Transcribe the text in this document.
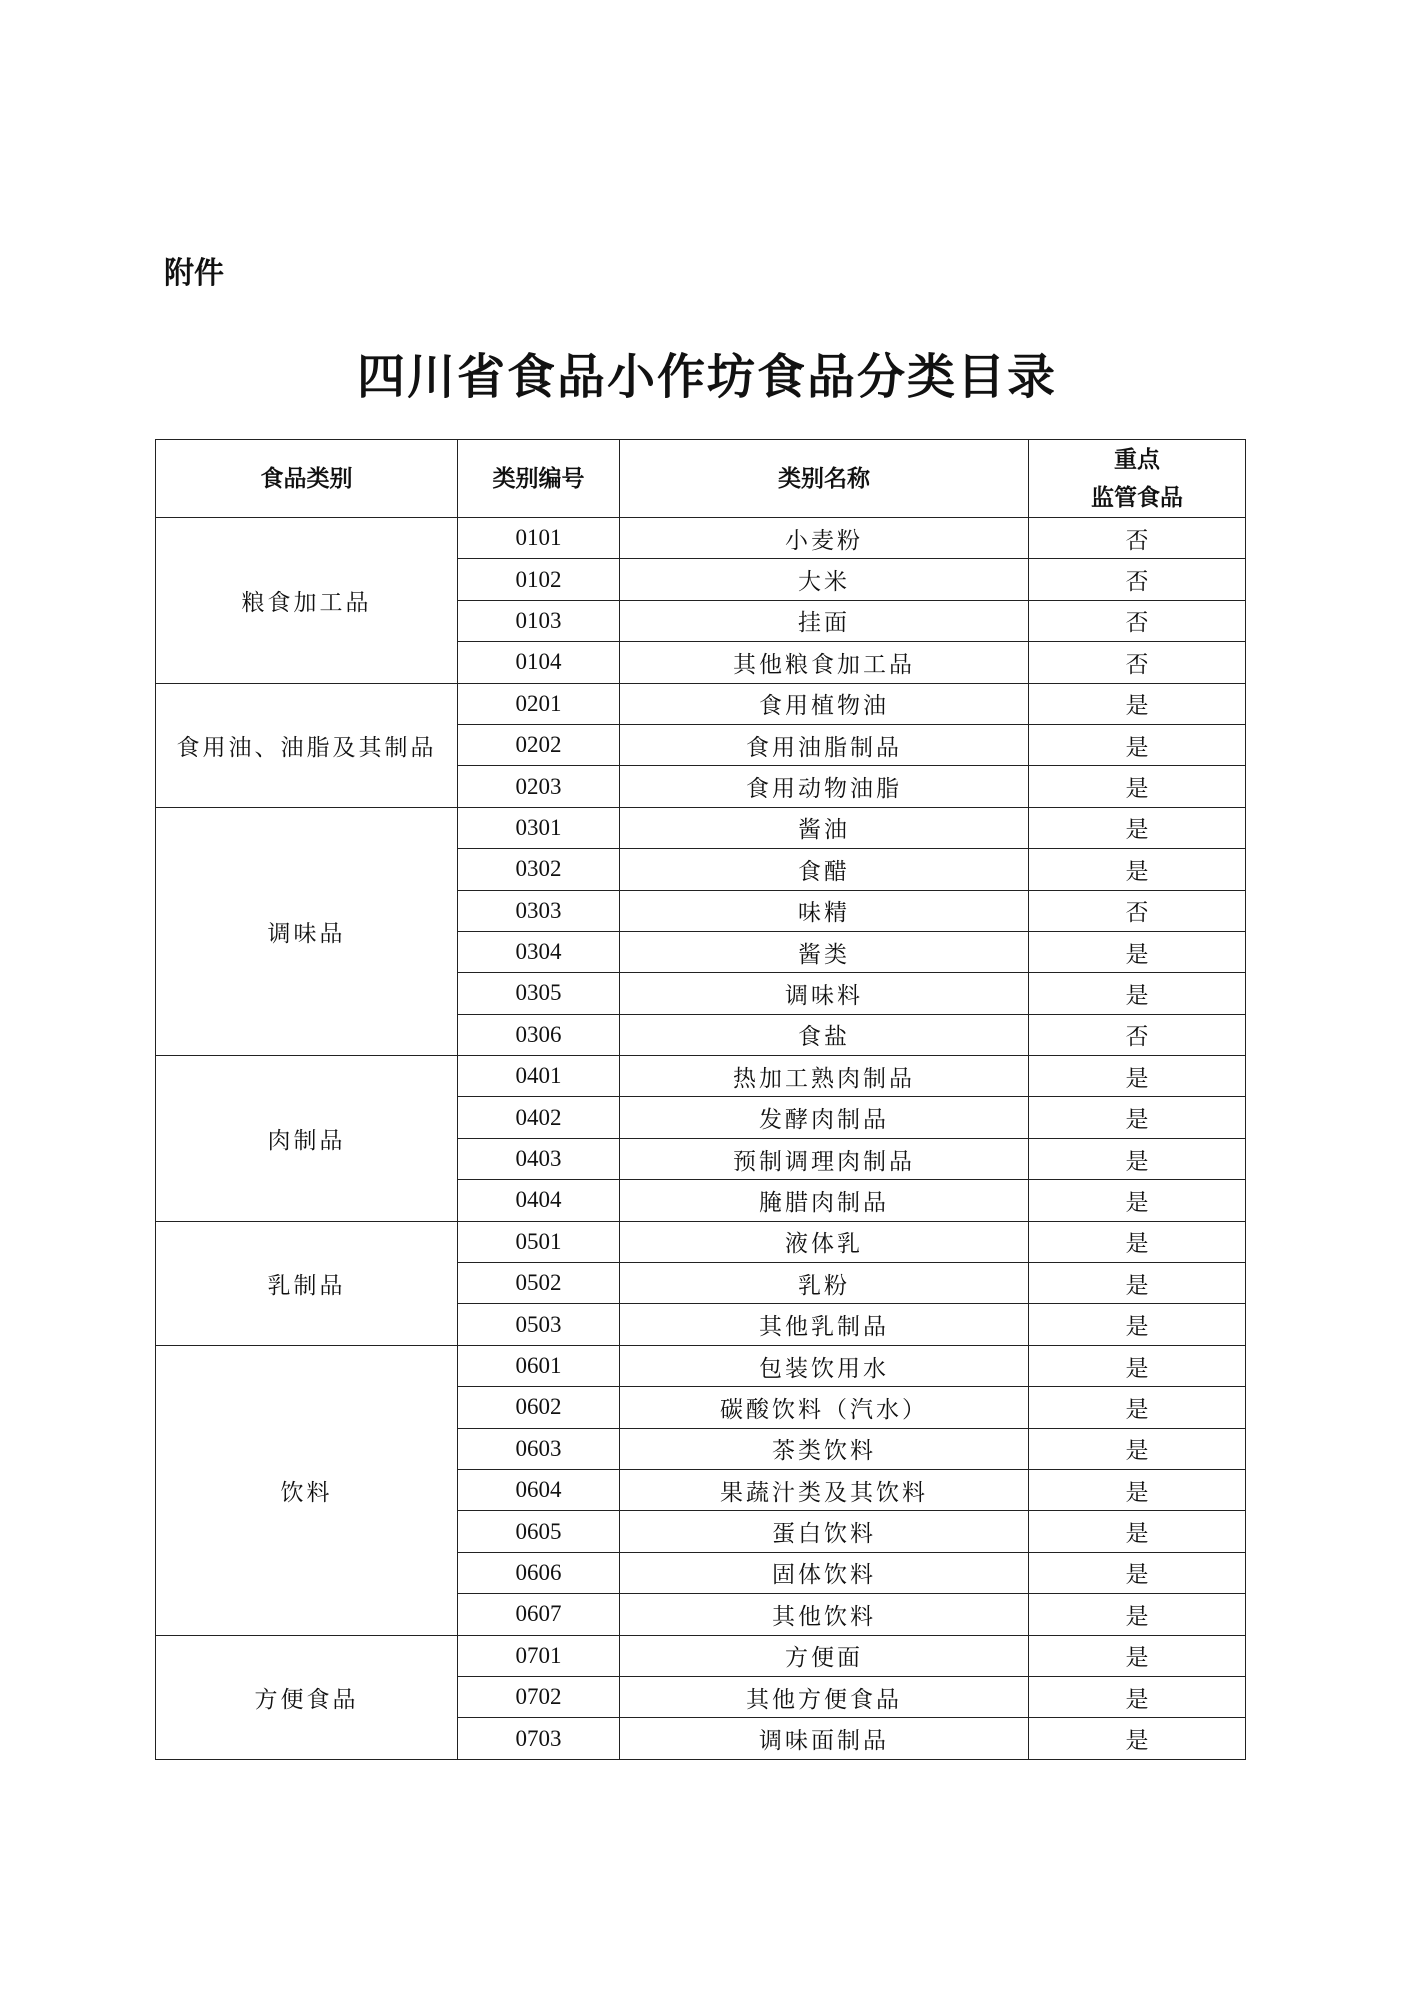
附件
四川省食品小作坊食品分类目录
食品类别	类别编号	类别名称	重点
监管食品
粮食加工品	0101	小麦粉	否
	0102	大米	否
	0103	挂面	否
	0104	其他粮食加工品	否
食用油、油脂及其制品	0201	食用植物油	是
	0202	食用油脂制品	是
	0203	食用动物油脂	是
调味品	0301	酱油	是
	0302	食醋	是
	0303	味精	否
	0304	酱类	是
	0305	调味料	是
	0306	食盐	否
肉制品	0401	热加工熟肉制品	是
	0402	发酵肉制品	是
	0403	预制调理肉制品	是
	0404	腌腊肉制品	是
乳制品	0501	液体乳	是
	0502	乳粉	是
	0503	其他乳制品	是
饮料	0601	包装饮用水	是
	0602	碳酸饮料（汽水）	是
	0603	茶类饮料	是
	0604	果蔬汁类及其饮料	是
	0605	蛋白饮料	是
	0606	固体饮料	是
	0607	其他饮料	是
方便食品	0701	方便面	是
	0702	其他方便食品	是
	0703	调味面制品	是
